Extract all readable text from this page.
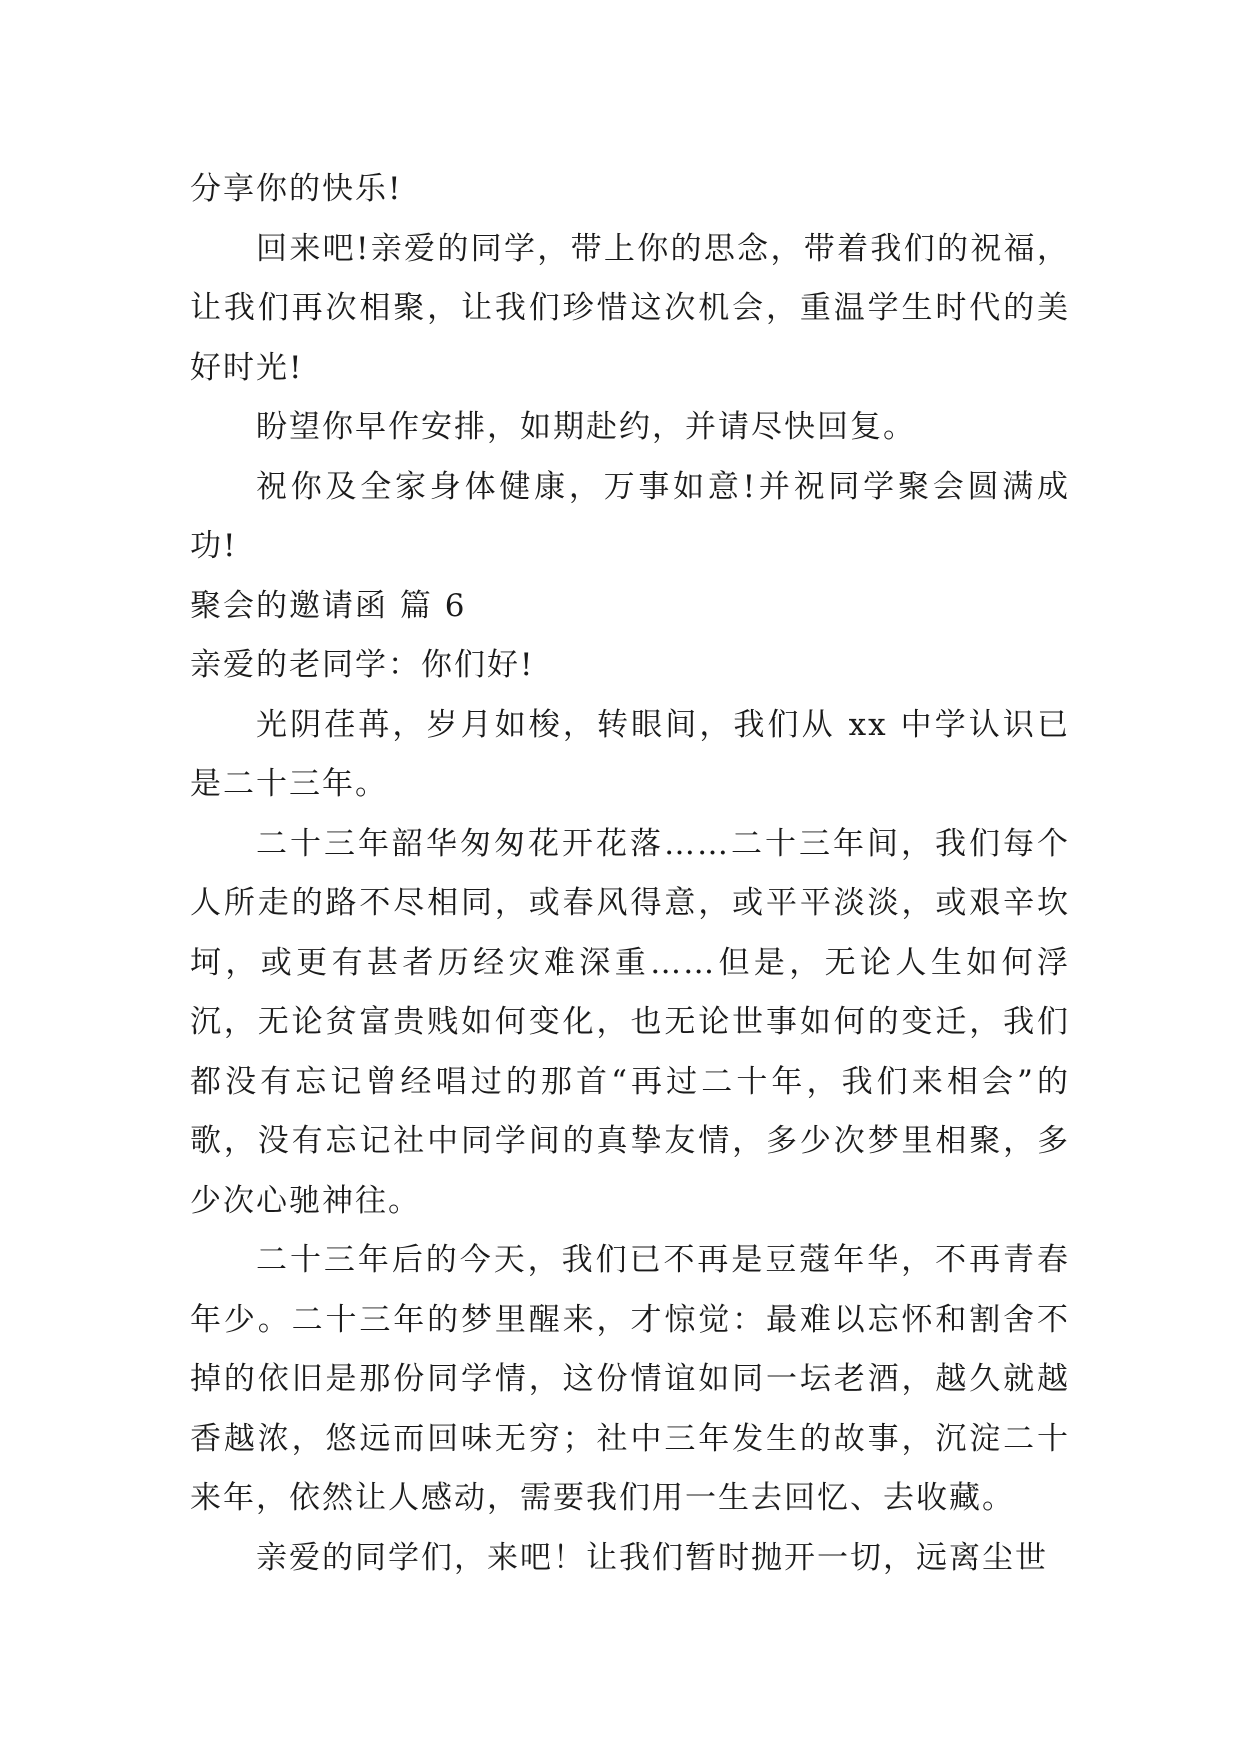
分享你的快乐!

回来吧!亲爱的同学，带上你的思念，带着我们的祝福，让我们再次相聚，让我们珍惜这次机会，重温学生时代的美好时光!

盼望你早作安排，如期赴约，并请尽快回复。

祝你及全家身体健康，万事如意!并祝同学聚会圆满成功!

聚会的邀请函 篇 6

亲爱的老同学：你们好!

光阴荏苒，岁月如梭，转眼间，我们从 xx 中学认识已是二十三年。

二十三年韶华匆匆花开花落……二十三年间，我们每个人所走的路不尽相同，或春风得意，或平平淡淡，或艰辛坎坷，或更有甚者历经灾难深重……但是，无论人生如何浮沉，无论贫富贵贱如何变化，也无论世事如何的变迁，我们都没有忘记曾经唱过的那首“再过二十年，我们来相会”的歌，没有忘记社中同学间的真挚友情，多少次梦里相聚，多少次心驰神往。

二十三年后的今天，我们已不再是豆蔻年华，不再青春年少。二十三年的梦里醒来，才惊觉：最难以忘怀和割舍不掉的依旧是那份同学情，这份情谊如同一坛老酒，越久就越香越浓，悠远而回味无穷；社中三年发生的故事，沉淀二十来年，依然让人感动，需要我们用一生去回忆、去收藏。

亲爱的同学们，来吧！让我们暂时抛开一切，远离尘世
